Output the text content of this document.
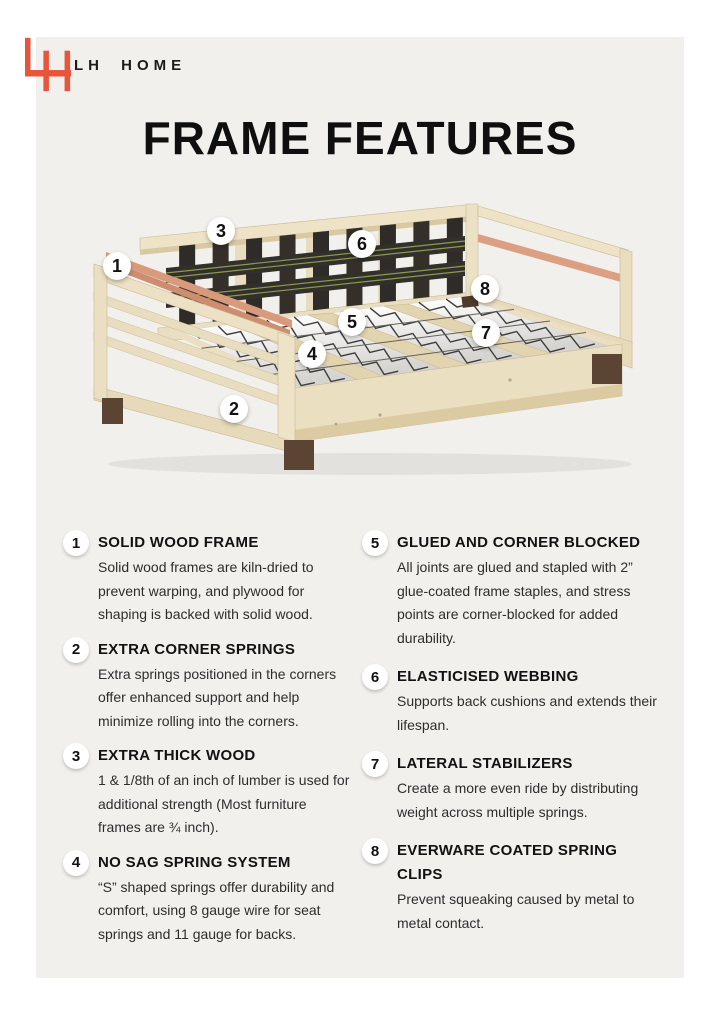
LH HOME
FRAME FEATURES
1
2
3
4
5
6
7
8
1	SOLID WOOD FRAME
Solid wood frames are kiln-dried to prevent warping, and plywood for shaping is backed with solid wood.
2	EXTRA CORNER SPRINGS
Extra springs positioned in the corners offer enhanced support and help minimize rolling into the corners.
3	EXTRA THICK WOOD
1 & 1/8th of an inch of lumber is used for additional strength (Most furniture frames are ¾ inch).
4	NO SAG SPRING SYSTEM
“S” shaped springs offer durability and comfort, using 8 gauge wire for seat springs and 11 gauge for backs.
5	GLUED AND CORNER BLOCKED
All joints are glued and stapled with 2” glue-coated frame staples, and stress points are corner-blocked for added durability.
6	ELASTICISED WEBBING
Supports back cushions and extends their lifespan.
7	LATERAL STABILIZERS
Create a more even ride by distributing weight across multiple springs.
8	EVERWARE COATED SPRING CLIPS
Prevent squeaking caused by metal to metal contact.
